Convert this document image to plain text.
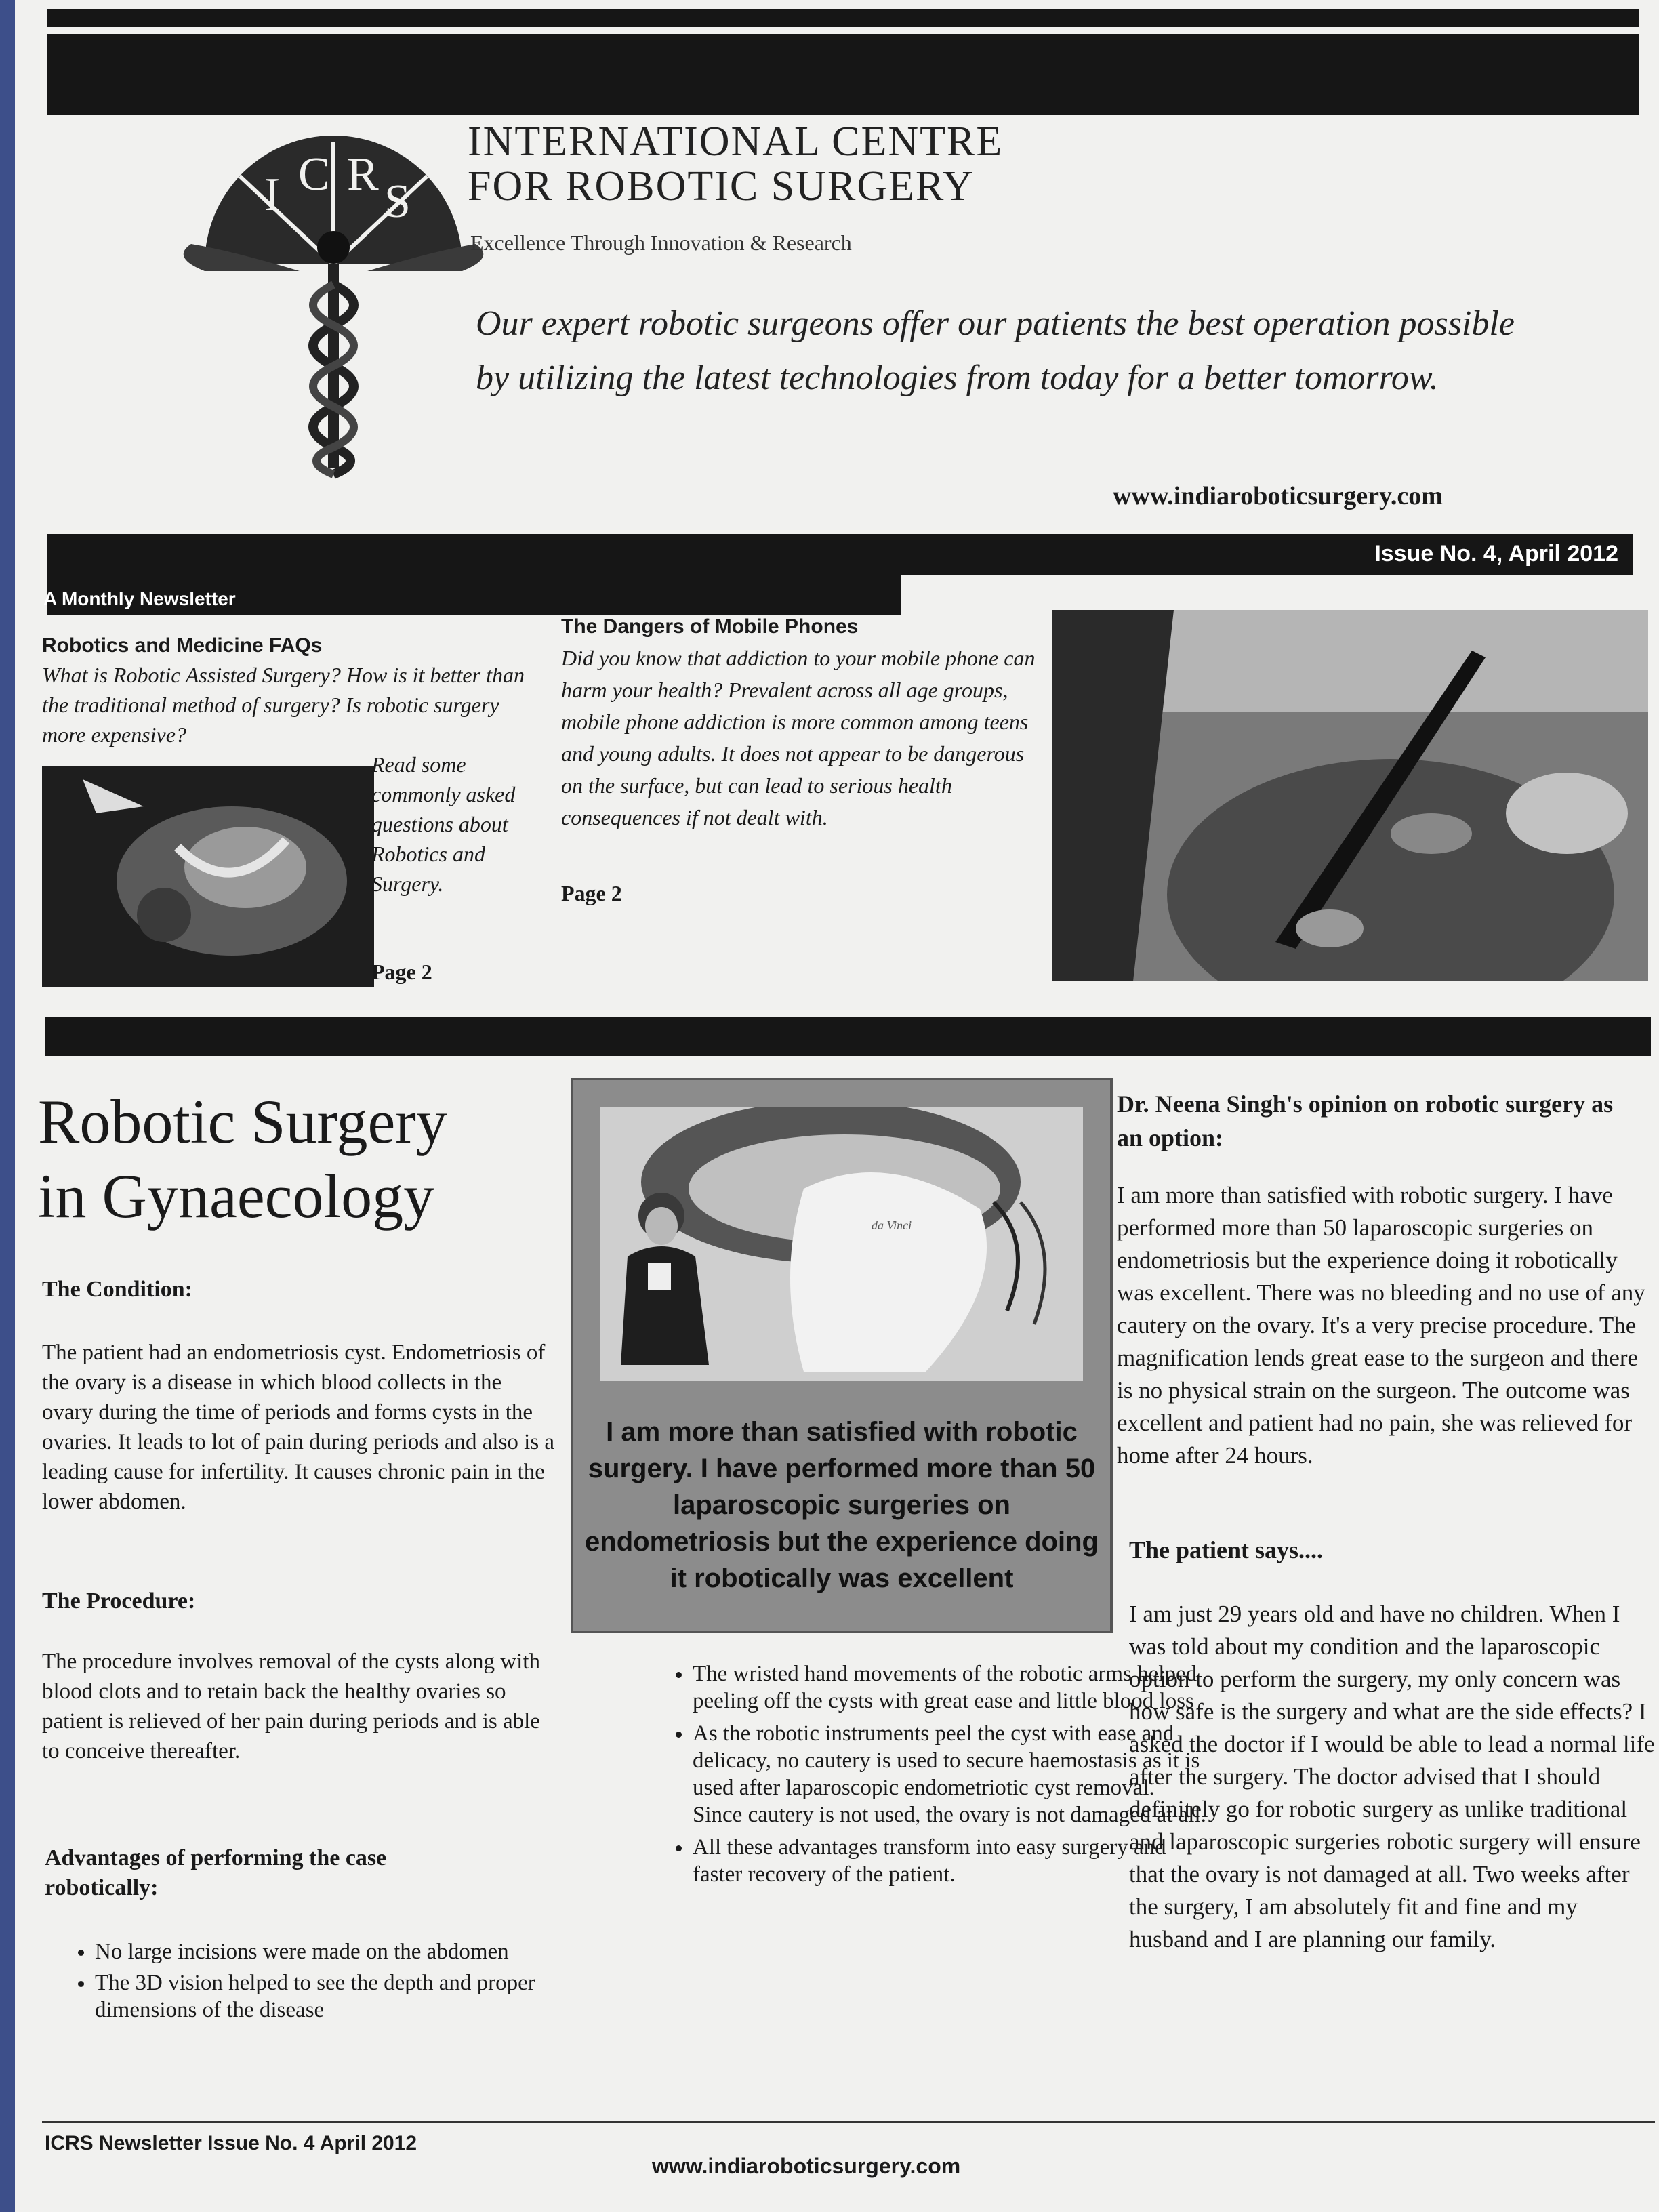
I C R
S
INTERNATIONAL CENTRE
FOR ROBOTIC SURGERY
Excellence Through Innovation & Research
Our expert robotic surgeons offer our patients the best operation possible by utilizing the latest technologies from today for a better tomorrow.
www.indiaroboticsurgery.com
A Monthly Newsletter
Issue No. 4, April 2012
Robotics and Medicine FAQs
What is Robotic Assisted Surgery? How is it better than the traditional method of surgery? Is robotic surgery more expensive?
Read some commonly asked questions about Robotics and Surgery.
Page 2
The Dangers of Mobile Phones
Did you know that addiction to your mobile phone can harm your health? Prevalent across all age groups, mobile phone addiction is more common among teens and young adults. It does not appear to be dangerous on the surface, but can lead to serious health consequences if not dealt with.
Page 2
Robotic Surgery
in Gynaecology
The Condition:
The patient had an endometriosis cyst. Endometriosis of the ovary is a disease in which blood collects in the ovary during the time of periods and forms cysts in the ovaries. It leads to lot of pain during periods and also is a leading cause for infertility. It causes chronic pain in the lower abdomen.
The Procedure:
The procedure involves removal of the cysts along with blood clots and to retain back the healthy ovaries so patient is relieved of her pain during periods and is able to conceive thereafter.
Advantages of performing the case robotically:
• No large incisions were made on the abdomen
• The 3D vision helped to see the depth and proper dimensions of the disease
da Vinci
I am more than satisfied with robotic surgery. I have performed more than 50 laparoscopic surgeries on endometriosis but the experience doing it robotically was excellent
• The wristed hand movements of the robotic arms helped peeling off the cysts with great ease and little blood loss
• As the robotic instruments peel the cyst with ease and delicacy, no cautery is used to secure haemostasis as it is used after laparoscopic endometriotic cyst removal. Since cautery is not used, the ovary is not damaged at all.
• All these advantages transform into easy surgery and faster recovery of the patient.
Dr. Neena Singh's opinion on robotic surgery as an option:
I am more than satisfied with robotic surgery. I have performed more than 50 laparoscopic surgeries on endometriosis but the experience doing it robotically was excellent. There was no bleeding and no use of any cautery on the ovary. It's a very precise procedure. The magnification lends great ease to the surgeon and there is no physical strain on the surgeon. The outcome was excellent and patient had no pain, she was relieved for home after 24 hours.
The patient says....
I am just 29 years old and have no children. When I was told about my condition and the laparoscopic option to perform the surgery, my only concern was how safe is the surgery and what are the side effects? I asked the doctor if I would be able to lead a normal life after the surgery. The doctor advised that I should definitely go for robotic surgery as unlike traditional and laparoscopic surgeries robotic surgery will ensure that the ovary is not damaged at all. Two weeks after the surgery, I am absolutely fit and fine and my husband and I are planning our family.
ICRS Newsletter Issue No. 4 April 2012
www.indiaroboticsurgery.com
